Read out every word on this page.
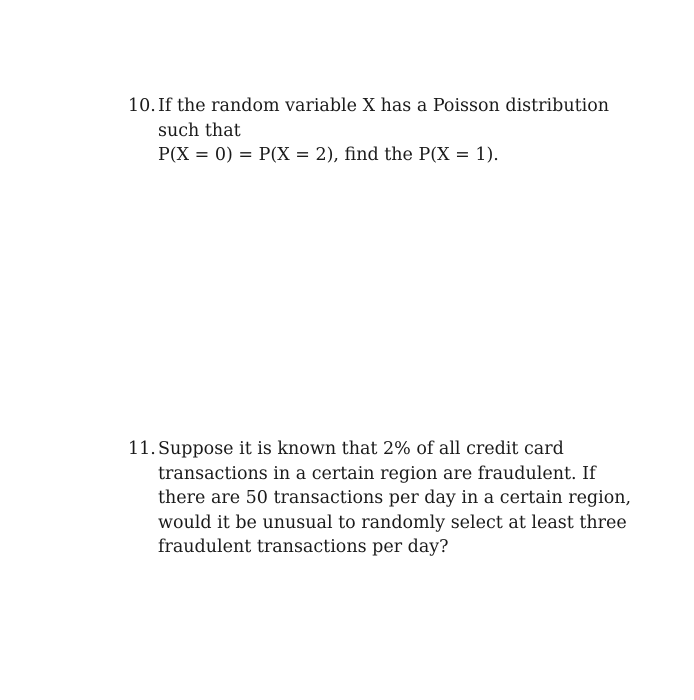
10. If the random variable X has a Poisson distribution
such that
P(X = 0) = P(X = 2), find the P(X = 1).
11. Suppose it is known that 2% of all credit card
transactions in a certain region are fraudulent. If
there are 50 transactions per day in a certain region,
would it be unusual to randomly select at least three
fraudulent transactions per day?
